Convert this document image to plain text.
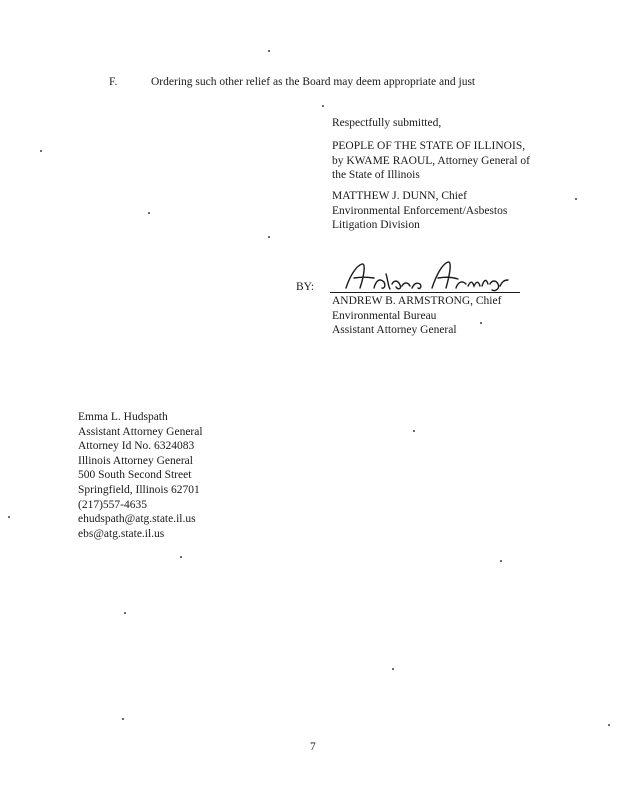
F.	Ordering such other relief as the Board may deem appropriate and just
Respectfully submitted,
PEOPLE OF THE STATE OF ILLINOIS,
by KWAME RAOUL, Attorney General of
the State of Illinois
MATTHEW J. DUNN, Chief
Environmental Enforcement/Asbestos
Litigation Division
BY:
ANDREW B. ARMSTRONG, Chief
Environmental Bureau
Assistant Attorney General
Emma L. Hudspath
Assistant Attorney General
Attorney Id No. 6324083
Illinois Attorney General
500 South Second Street
Springfield, Illinois 62701
(217)557-4635
ehudspath@atg.state.il.us
ebs@atg.state.il.us
7
